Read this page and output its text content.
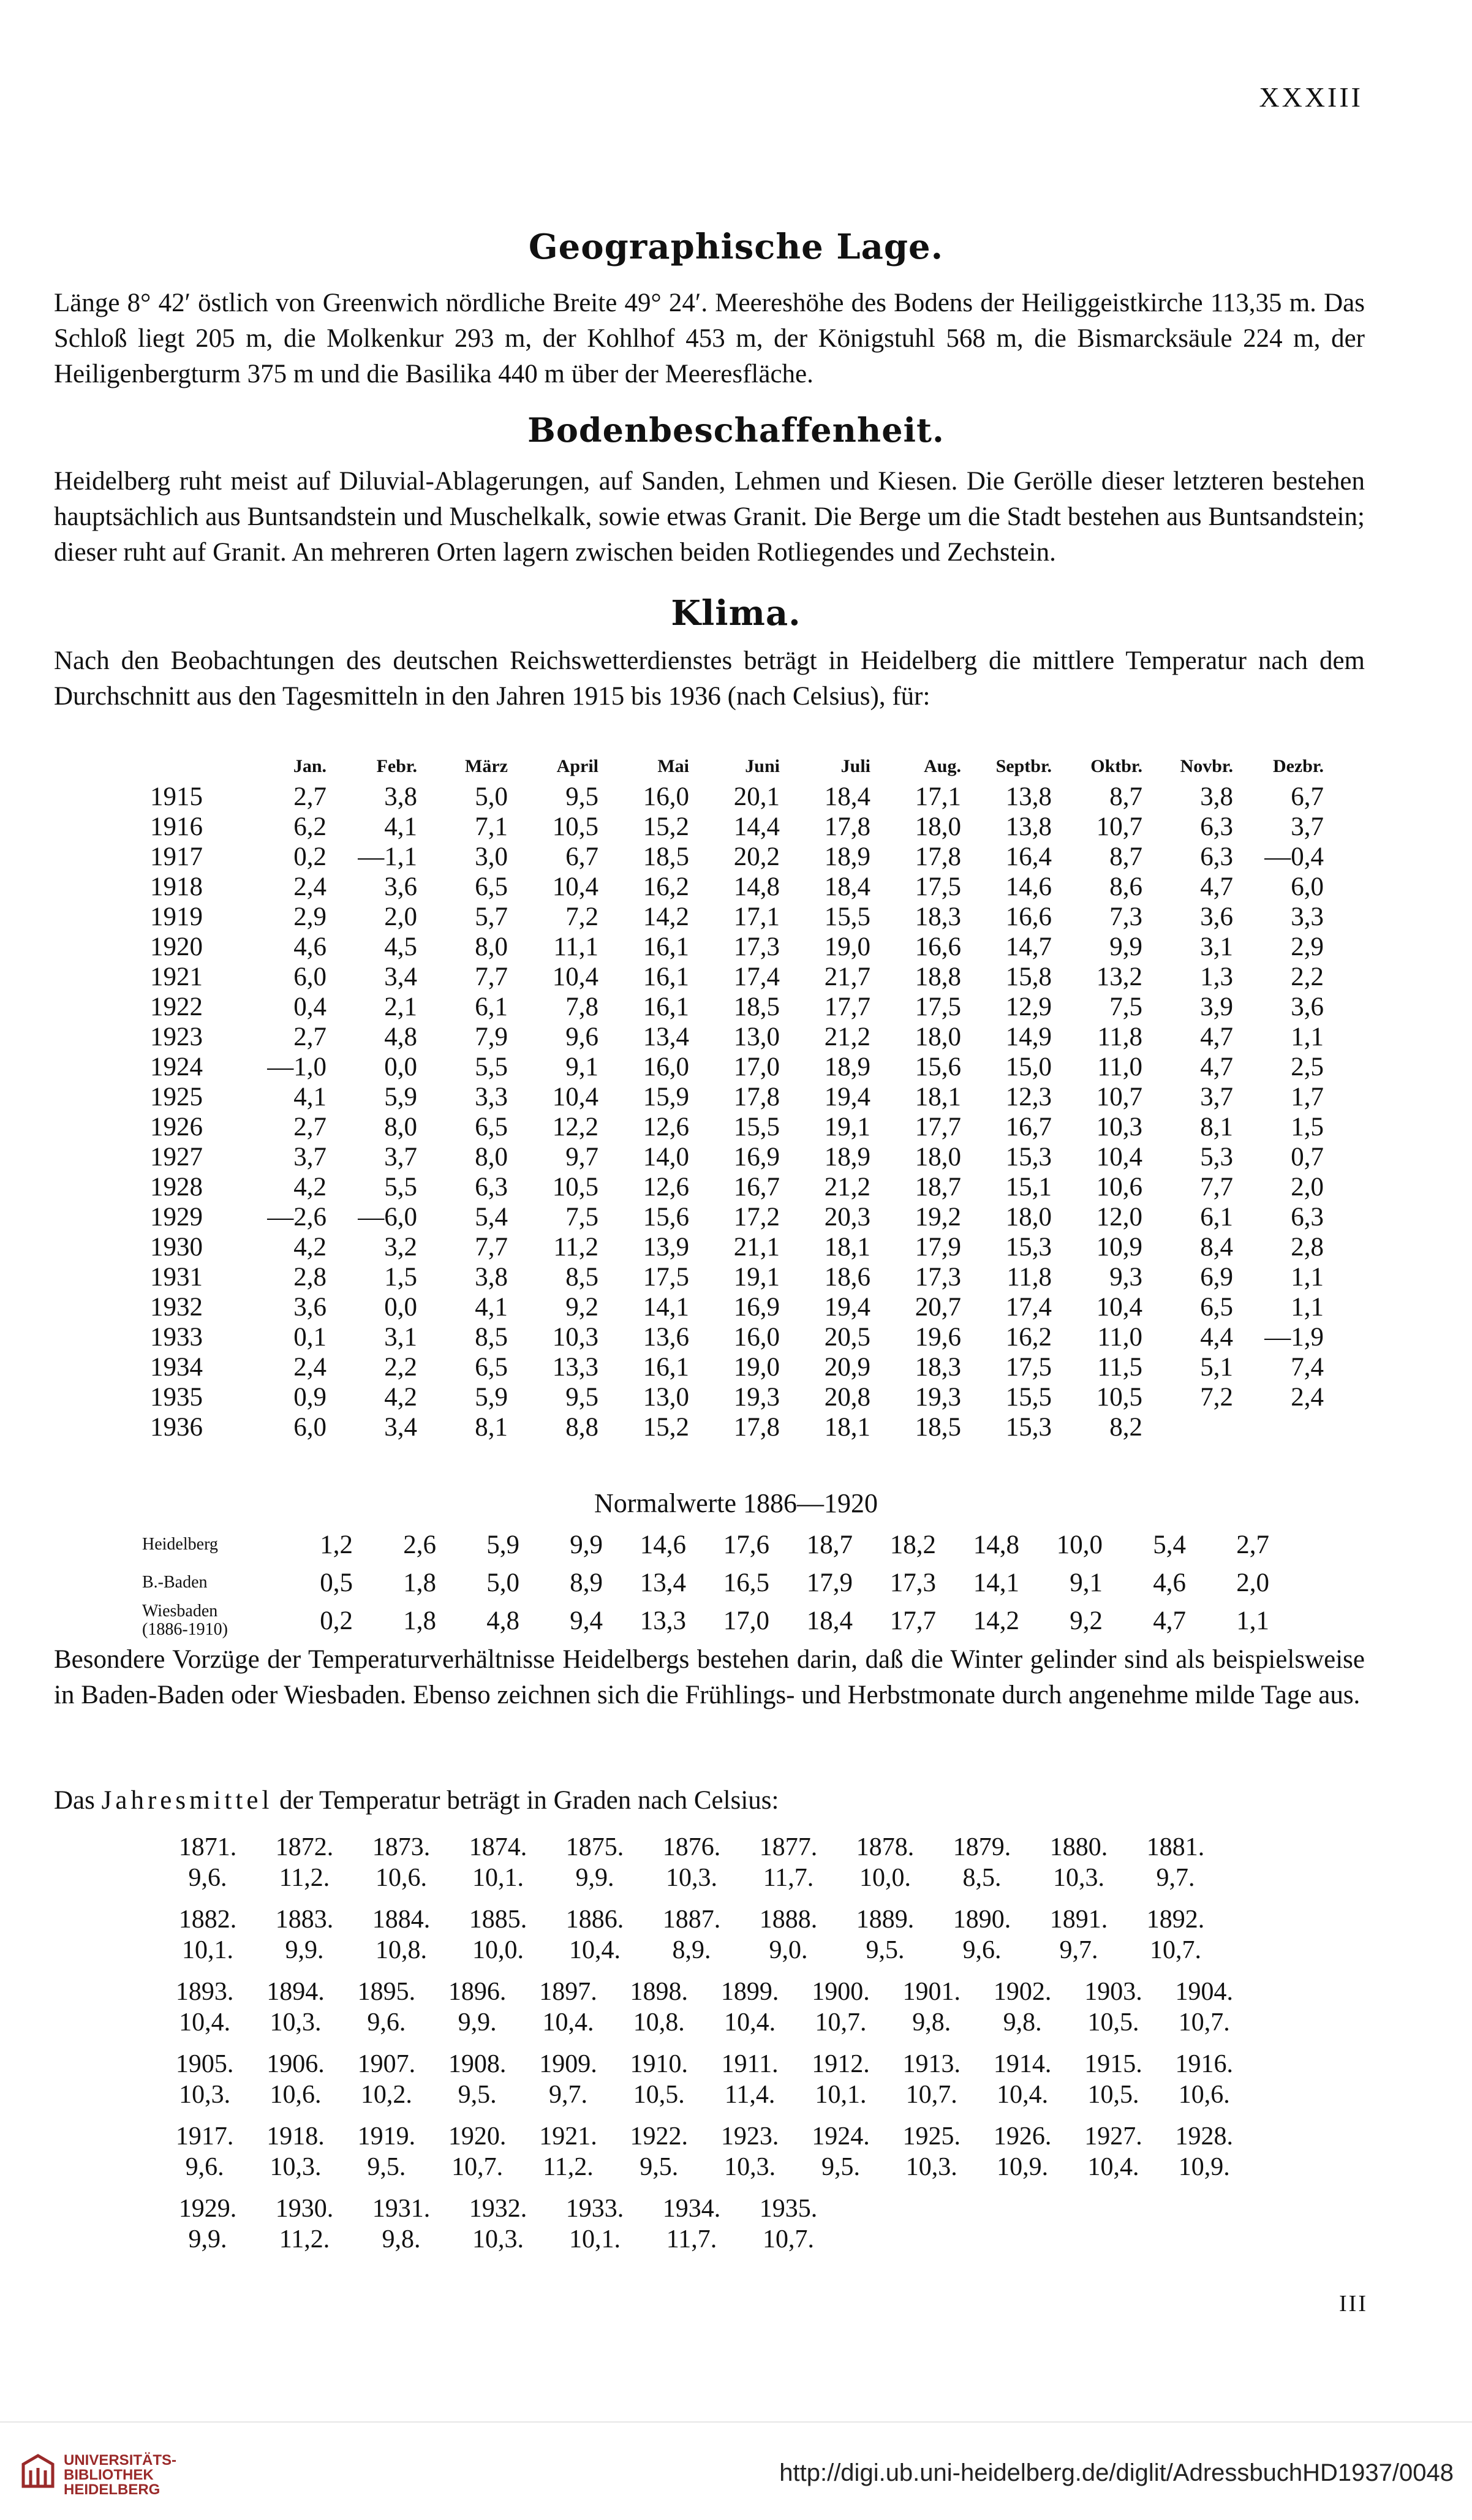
XXXIII
Geographische Lage.
Länge 8° 42′ östlich von Greenwich nördliche Breite 49° 24′. Meereshöhe des Bodens der Heiliggeistkirche 113,35 m. Das Schloß liegt 205 m, die Molkenkur 293 m, der Kohlhof 453 m, der Königstuhl 568 m, die Bismarcksäule 224 m, der Heiligenbergturm 375 m und die Basilika 440 m über der Meeresfläche.
Bodenbeschaffenheit.
Heidelberg ruht meist auf Diluvial-Ablagerungen, auf Sanden, Lehmen und Kiesen. Die Gerölle dieser letzteren bestehen hauptsächlich aus Buntsandstein und Muschelkalk, sowie etwas Granit. Die Berge um die Stadt bestehen aus Buntsandstein; dieser ruht auf Granit. An mehreren Orten lagern zwischen beiden Rotliegendes und Zechstein.
Klima.
Nach den Beobachtungen des deutschen Reichswetterdienstes beträgt in Heidelberg die mittlere Temperatur nach dem Durchschnitt aus den Tagesmitteln in den Jahren 1915 bis 1936 (nach Celsius), für:
	Jan.	Febr.	März	April	Mai	Juni	Juli	Aug.	Septbr.	Oktbr.	Novbr.	Dezbr.
1915	2,7	3,8	5,0	9,5	16,0	20,1	18,4	17,1	13,8	8,7	3,8	6,7
1916	6,2	4,1	7,1	10,5	15,2	14,4	17,8	18,0	13,8	10,7	6,3	3,7
1917	0,2	—1,1	3,0	6,7	18,5	20,2	18,9	17,8	16,4	8,7	6,3	—0,4
1918	2,4	3,6	6,5	10,4	16,2	14,8	18,4	17,5	14,6	8,6	4,7	6,0
1919	2,9	2,0	5,7	7,2	14,2	17,1	15,5	18,3	16,6	7,3	3,6	3,3
1920	4,6	4,5	8,0	11,1	16,1	17,3	19,0	16,6	14,7	9,9	3,1	2,9
1921	6,0	3,4	7,7	10,4	16,1	17,4	21,7	18,8	15,8	13,2	1,3	2,2
1922	0,4	2,1	6,1	7,8	16,1	18,5	17,7	17,5	12,9	7,5	3,9	3,6
1923	2,7	4,8	7,9	9,6	13,4	13,0	21,2	18,0	14,9	11,8	4,7	1,1
1924	—1,0	0,0	5,5	9,1	16,0	17,0	18,9	15,6	15,0	11,0	4,7	2,5
1925	4,1	5,9	3,3	10,4	15,9	17,8	19,4	18,1	12,3	10,7	3,7	1,7
1926	2,7	8,0	6,5	12,2	12,6	15,5	19,1	17,7	16,7	10,3	8,1	1,5
1927	3,7	3,7	8,0	9,7	14,0	16,9	18,9	18,0	15,3	10,4	5,3	0,7
1928	4,2	5,5	6,3	10,5	12,6	16,7	21,2	18,7	15,1	10,6	7,7	2,0
1929	—2,6	—6,0	5,4	7,5	15,6	17,2	20,3	19,2	18,0	12,0	6,1	6,3
1930	4,2	3,2	7,7	11,2	13,9	21,1	18,1	17,9	15,3	10,9	8,4	2,8
1931	2,8	1,5	3,8	8,5	17,5	19,1	18,6	17,3	11,8	9,3	6,9	1,1
1932	3,6	0,0	4,1	9,2	14,1	16,9	19,4	20,7	17,4	10,4	6,5	1,1
1933	0,1	3,1	8,5	10,3	13,6	16,0	20,5	19,6	16,2	11,0	4,4	—1,9
1934	2,4	2,2	6,5	13,3	16,1	19,0	20,9	18,3	17,5	11,5	5,1	7,4
1935	0,9	4,2	5,9	9,5	13,0	19,3	20,8	19,3	15,5	10,5	7,2	2,4
1936	6,0	3,4	8,1	8,8	15,2	17,8	18,1	18,5	15,3	8,2		
Normalwerte 1886—1920
Heidelberg	1,2	2,6	5,9	9,9	14,6	17,6	18,7	18,2	14,8	10,0	5,4	2,7

B.-Baden	0,5	1,8	5,0	8,9	13,4	16,5	17,9	17,3	14,1	9,1	4,6	2,0

Wiesbaden
(1886-1910)	0,2	1,8	4,8	9,4	13,3	17,0	18,4	17,7	14,2	9,2	4,7	1,1
Besondere Vorzüge der Temperaturverhältnisse Heidelbergs bestehen darin, daß die Winter gelinder sind als beispielsweise in Baden-Baden oder Wiesbaden. Ebenso zeichnen sich die Frühlings- und Herbstmonate durch angenehme milde Tage aus.
Das Jahresmittel der Temperatur beträgt in Graden nach Celsius:
1871.
9,6.
1872.
11,2.
1873.
10,6.
1874.
10,1.
1875.
9,9.
1876.
10,3.
1877.
11,7.
1878.
10,0.
1879.
8,5.
1880.
10,3.
1881.
9,7.
1882.
10,1.
1883.
9,9.
1884.
10,8.
1885.
10,0.
1886.
10,4.
1887.
8,9.
1888.
9,0.
1889.
9,5.
1890.
9,6.
1891.
9,7.
1892.
10,7.
1893.
10,4.
1894.
10,3.
1895.
9,6.
1896.
9,9.
1897.
10,4.
1898.
10,8.
1899.
10,4.
1900.
10,7.
1901.
9,8.
1902.
9,8.
1903.
10,5.
1904.
10,7.
1905.
10,3.
1906.
10,6.
1907.
10,2.
1908.
9,5.
1909.
9,7.
1910.
10,5.
1911.
11,4.
1912.
10,1.
1913.
10,7.
1914.
10,4.
1915.
10,5.
1916.
10,6.
1917.
9,6.
1918.
10,3.
1919.
9,5.
1920.
10,7.
1921.
11,2.
1922.
9,5.
1923.
10,3.
1924.
9,5.
1925.
10,3.
1926.
10,9.
1927.
10,4.
1928.
10,9.
1929.
9,9.
1930.
11,2.
1931.
9,8.
1932.
10,3.
1933.
10,1.
1934.
11,7.
1935.
10,7.
III
UNIVERSITÄTS-
BIBLIOTHEK
HEIDELBERG
http://digi.ub.uni-heidelberg.de/diglit/AdressbuchHD1937/0048
